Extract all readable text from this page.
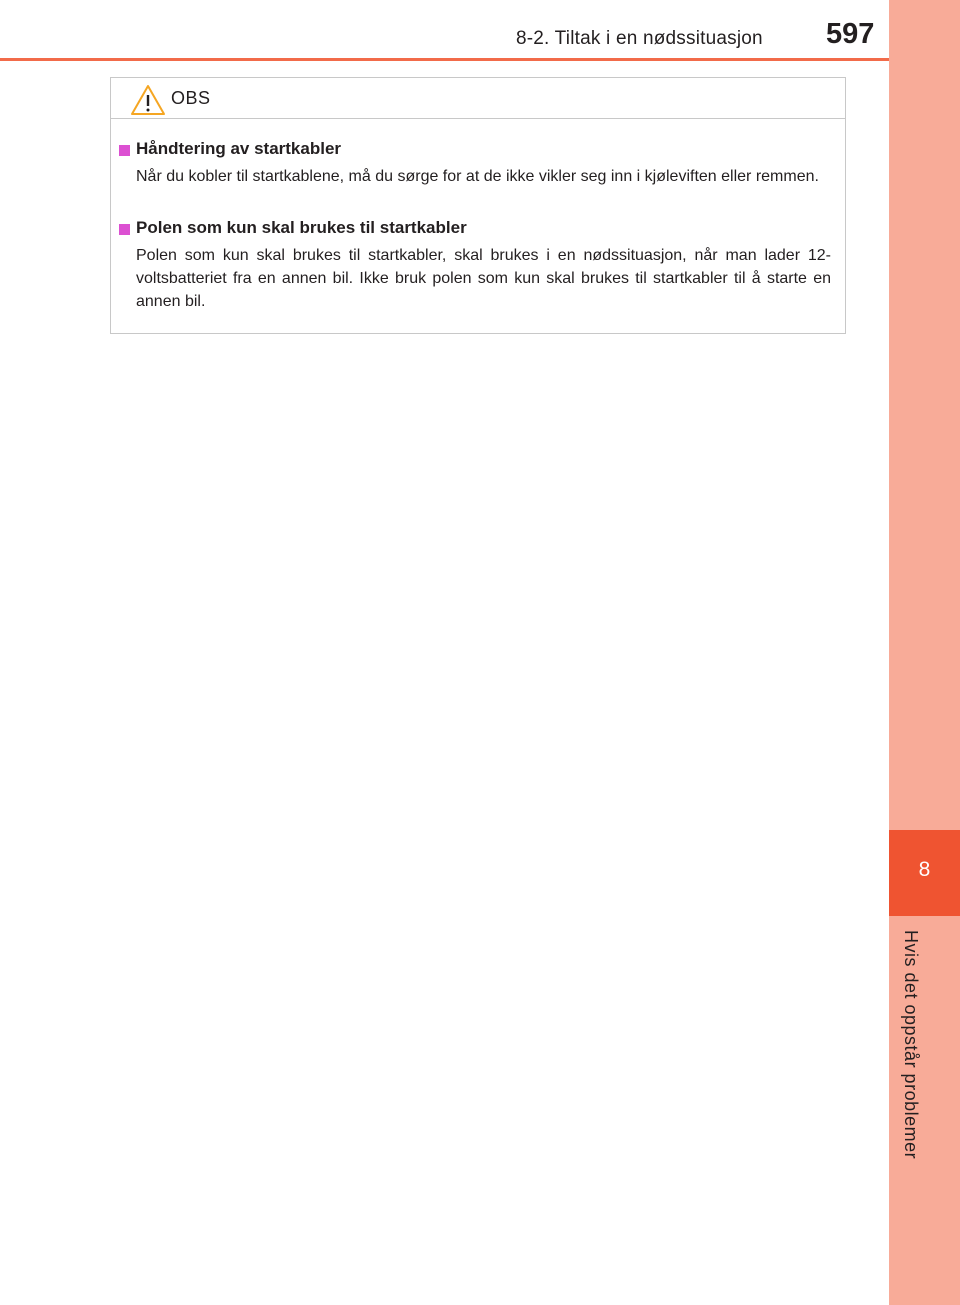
8-2. Tiltak i en nødssituasjon 597
8
Hvis det oppstår problemer
OBS
Håndtering av startkabler

Når du kobler til startkablene, må du sørge for at de ikke vikler seg inn i kjøleviften eller remmen.

Polen som kun skal brukes til startkabler

Polen som kun skal brukes til startkabler, skal brukes i en nødssituasjon, når man lader 12-voltsbatteriet fra en annen bil. Ikke bruk polen som kun skal brukes til startkabler til å starte en annen bil.
